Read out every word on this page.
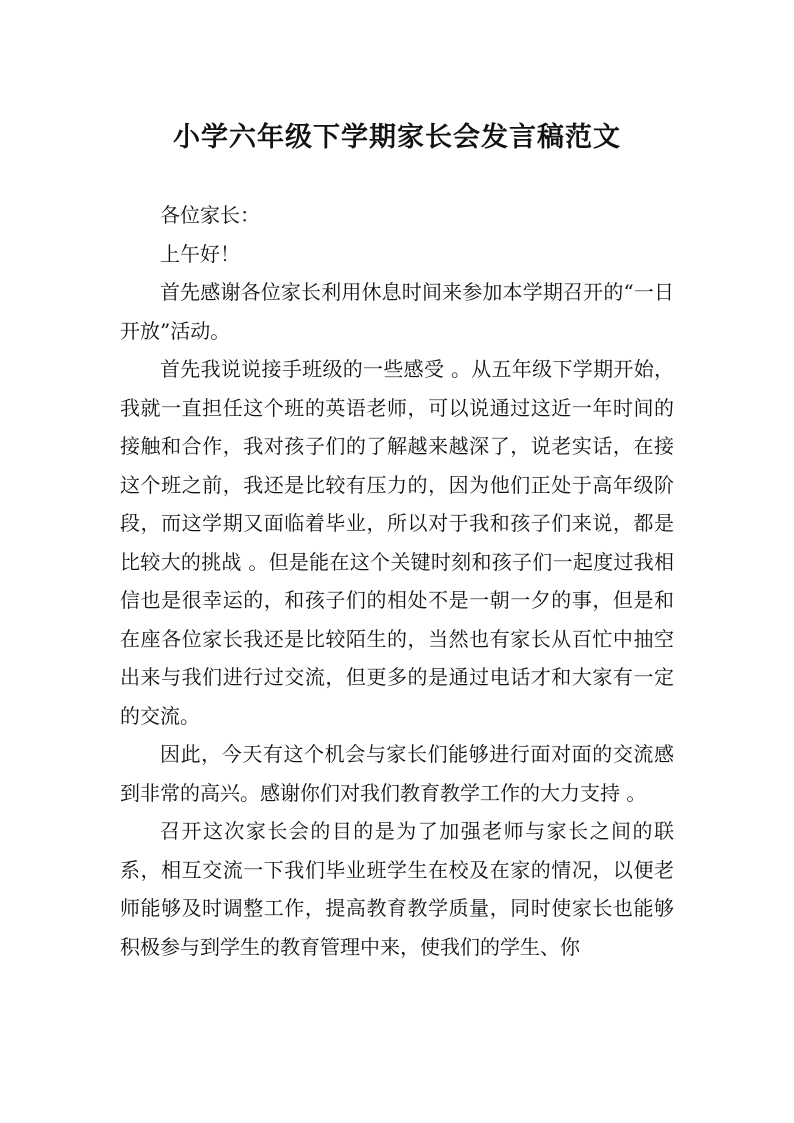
小学六年级下学期家长会发言稿范文

各位家长：

上午好！

首先感谢各位家长利用休息时间来参加本学期召开的“一日开放”活动。

首先我说说接手班级的一些感受 。从五年级下学期开始，我就一直担任这个班的英语老师，可以说通过这近一年时间的接触和合作，我对孩子们的了解越来越深了，说老实话，在接这个班之前，我还是比较有压力的，因为他们正处于高年级阶段，而这学期又面临着毕业，所以对于我和孩子们来说，都是比较大的挑战 。但是能在这个关键时刻和孩子们一起度过我相信也是很幸运的，和孩子们的相处不是一朝一夕的事，但是和在座各位家长我还是比较陌生的，当然也有家长从百忙中抽空出来与我们进行过交流，但更多的是通过电话才和大家有一定的交流。

因此，今天有这个机会与家长们能够进行面对面的交流感到非常的高兴。感谢你们对我们教育教学工作的大力支持 。

召开这次家长会的目的是为了加强老师与家长之间的联系，相互交流一下我们毕业班学生在校及在家的情况，以便老师能够及时调整工作，提高教育教学质量，同时使家长也能够积极参与到学生的教育管理中来，使我们的学生、你
